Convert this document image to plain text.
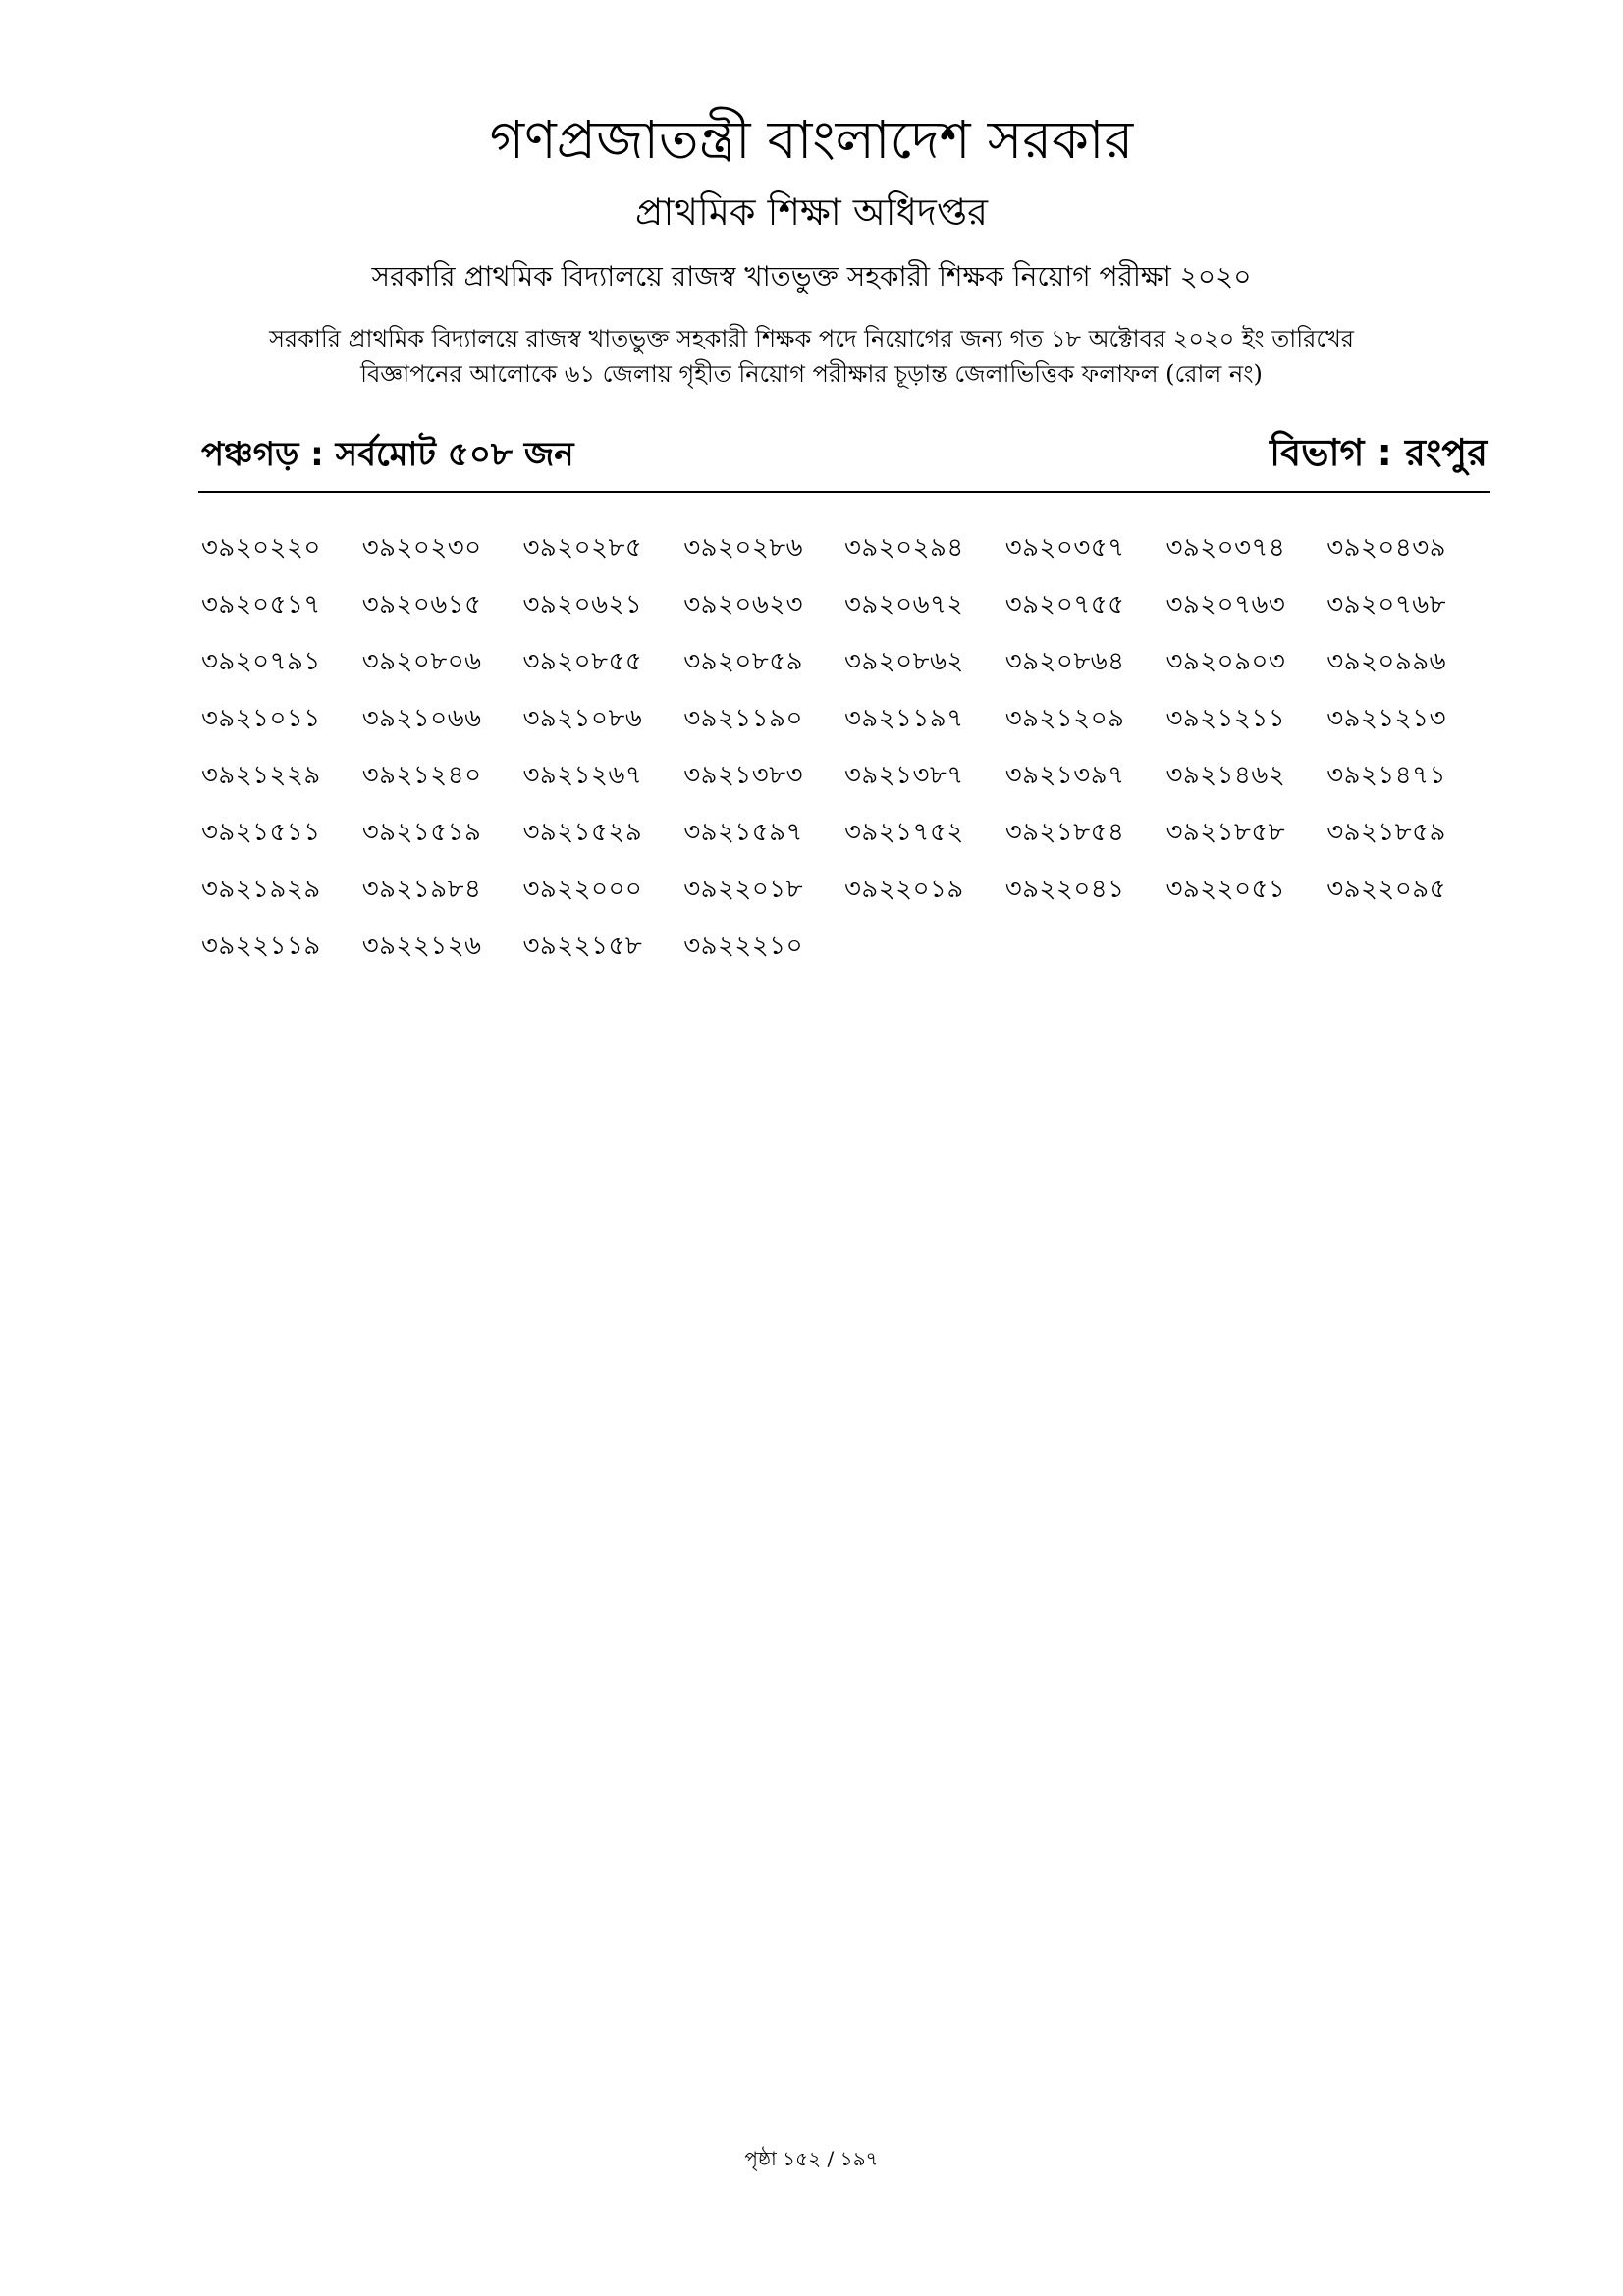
গণপ্রজাতন্ত্রী বাংলাদেশ সরকার
প্রাথমিক শিক্ষা অধিদপ্তর
সরকারি প্রাথমিক বিদ্যালয়ে রাজস্ব খাতভুক্ত সহকারী শিক্ষক নিয়োগ পরীক্ষা ২০২০
সরকারি প্রাথমিক বিদ্যালয়ে রাজস্ব খাতভুক্ত সহকারী শিক্ষক পদে নিয়োগের জন্য গত ১৮ অক্টোবর ২০২০ ইং তারিখের
বিজ্ঞাপনের আলোকে ৬১ জেলায় গৃহীত নিয়োগ পরীক্ষার চূড়ান্ত জেলাভিত্তিক ফলাফল (রোল নং)
পঞ্চগড় : সর্বমোট ৫০৮ জন	বিভাগ : রংপুর
৩৯২০২২০	৩৯২০২৩০	৩৯২০২৮৫	৩৯২০২৮৬	৩৯২০২৯৪	৩৯২০৩৫৭	৩৯২০৩৭৪	৩৯২০৪৩৯
৩৯২০৫১৭	৩৯২০৬১৫	৩৯২০৬২১	৩৯২০৬২৩	৩৯২০৬৭২	৩৯২০৭৫৫	৩৯২০৭৬৩	৩৯২০৭৬৮
৩৯২০৭৯১	৩৯২০৮০৬	৩৯২০৮৫৫	৩৯২০৮৫৯	৩৯২০৮৬২	৩৯২০৮৬৪	৩৯২০৯০৩	৩৯২০৯৯৬
৩৯২১০১১	৩৯২১০৬৬	৩৯২১০৮৬	৩৯২১১৯০	৩৯২১১৯৭	৩৯২১২০৯	৩৯২১২১১	৩৯২১২১৩
৩৯২১২২৯	৩৯২১২৪০	৩৯২১২৬৭	৩৯২১৩৮৩	৩৯২১৩৮৭	৩৯২১৩৯৭	৩৯২১৪৬২	৩৯২১৪৭১
৩৯২১৫১১	৩৯২১৫১৯	৩৯২১৫২৯	৩৯২১৫৯৭	৩৯২১৭৫২	৩৯২১৮৫৪	৩৯২১৮৫৮	৩৯২১৮৫৯
৩৯২১৯২৯	৩৯২১৯৮৪	৩৯২২০০০	৩৯২২০১৮	৩৯২২০১৯	৩৯২২০৪১	৩৯২২০৫১	৩৯২২০৯৫
৩৯২২১১৯	৩৯২২১২৬	৩৯২২১৫৮	৩৯২২২১০
পৃষ্ঠা ১৫২ / ১৯৭
